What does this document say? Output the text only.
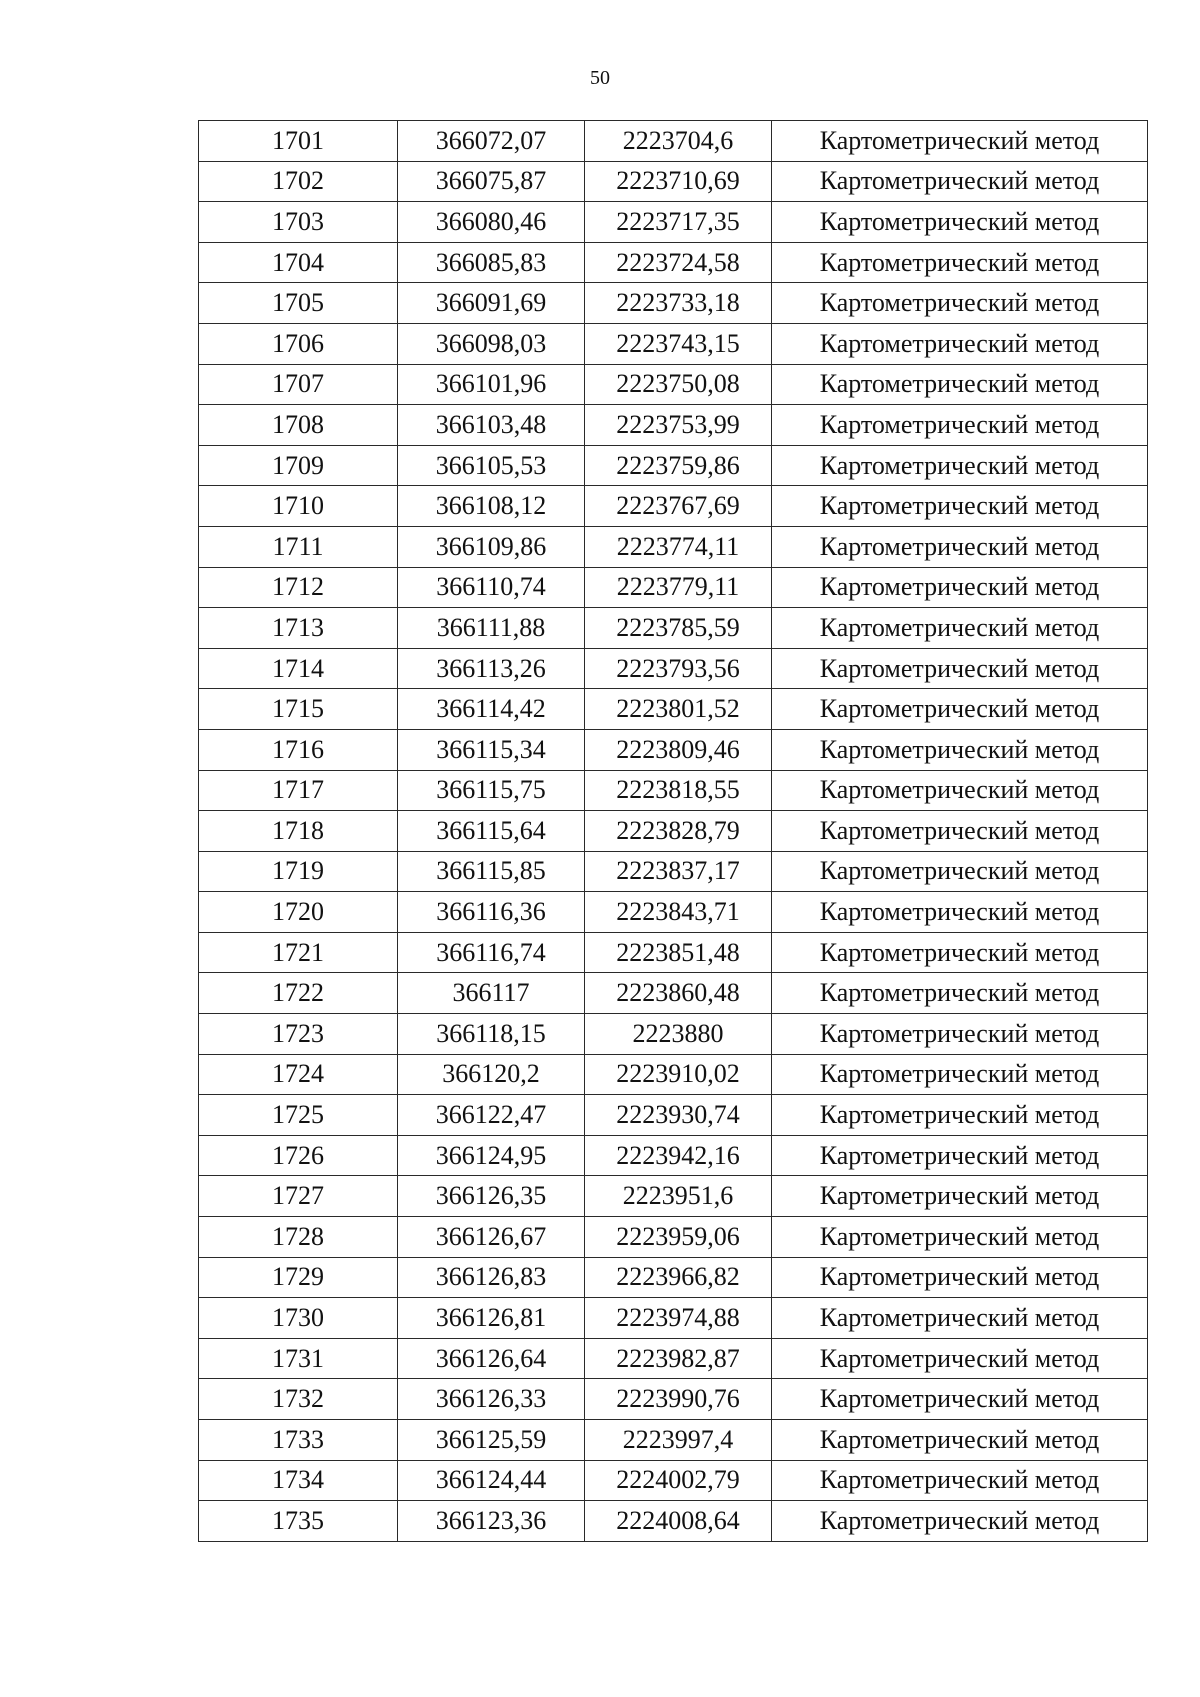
50
1701	366072,07	2223704,6	Картометрический метод
1702	366075,87	2223710,69	Картометрический метод
1703	366080,46	2223717,35	Картометрический метод
1704	366085,83	2223724,58	Картометрический метод
1705	366091,69	2223733,18	Картометрический метод
1706	366098,03	2223743,15	Картометрический метод
1707	366101,96	2223750,08	Картометрический метод
1708	366103,48	2223753,99	Картометрический метод
1709	366105,53	2223759,86	Картометрический метод
1710	366108,12	2223767,69	Картометрический метод
1711	366109,86	2223774,11	Картометрический метод
1712	366110,74	2223779,11	Картометрический метод
1713	366111,88	2223785,59	Картометрический метод
1714	366113,26	2223793,56	Картометрический метод
1715	366114,42	2223801,52	Картометрический метод
1716	366115,34	2223809,46	Картометрический метод
1717	366115,75	2223818,55	Картометрический метод
1718	366115,64	2223828,79	Картометрический метод
1719	366115,85	2223837,17	Картометрический метод
1720	366116,36	2223843,71	Картометрический метод
1721	366116,74	2223851,48	Картометрический метод
1722	366117	2223860,48	Картометрический метод
1723	366118,15	2223880	Картометрический метод
1724	366120,2	2223910,02	Картометрический метод
1725	366122,47	2223930,74	Картометрический метод
1726	366124,95	2223942,16	Картометрический метод
1727	366126,35	2223951,6	Картометрический метод
1728	366126,67	2223959,06	Картометрический метод
1729	366126,83	2223966,82	Картометрический метод
1730	366126,81	2223974,88	Картометрический метод
1731	366126,64	2223982,87	Картометрический метод
1732	366126,33	2223990,76	Картометрический метод
1733	366125,59	2223997,4	Картометрический метод
1734	366124,44	2224002,79	Картометрический метод
1735	366123,36	2224008,64	Картометрический метод
